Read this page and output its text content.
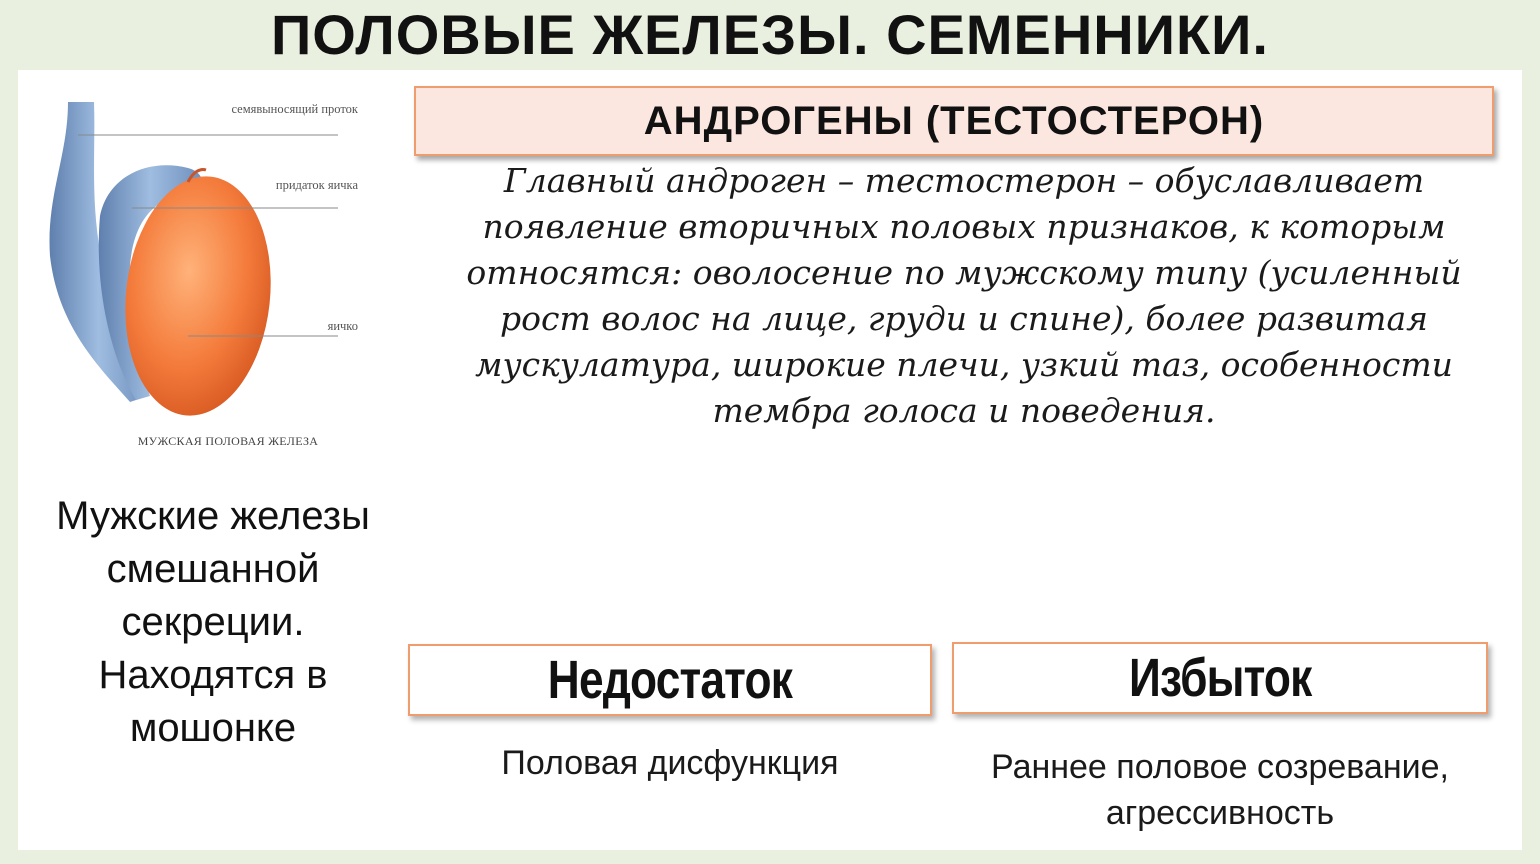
ПОЛОВЫЕ ЖЕЛЕЗЫ. СЕМЕННИКИ.
семявыносящий проток
придаток яичка
яичко
МУЖСКАЯ ПОЛОВАЯ ЖЕЛЕЗА
Мужские железы смешанной секреции. Находятся в мошонке
АНДРОГЕНЫ (ТЕСТОСТЕРОН)
Главный андроген – тестостерон – обуславливает появление вторичных половых признаков, к которым относятся: оволосение по мужскому типу (усиленный рост волос на лице, груди и спине), более развитая мускулатура, широкие плечи, узкий таз, особенности тембра голоса и поведения.
Недостаток
Половая дисфункция
Избыток
Раннее половое созревание, агрессивность
